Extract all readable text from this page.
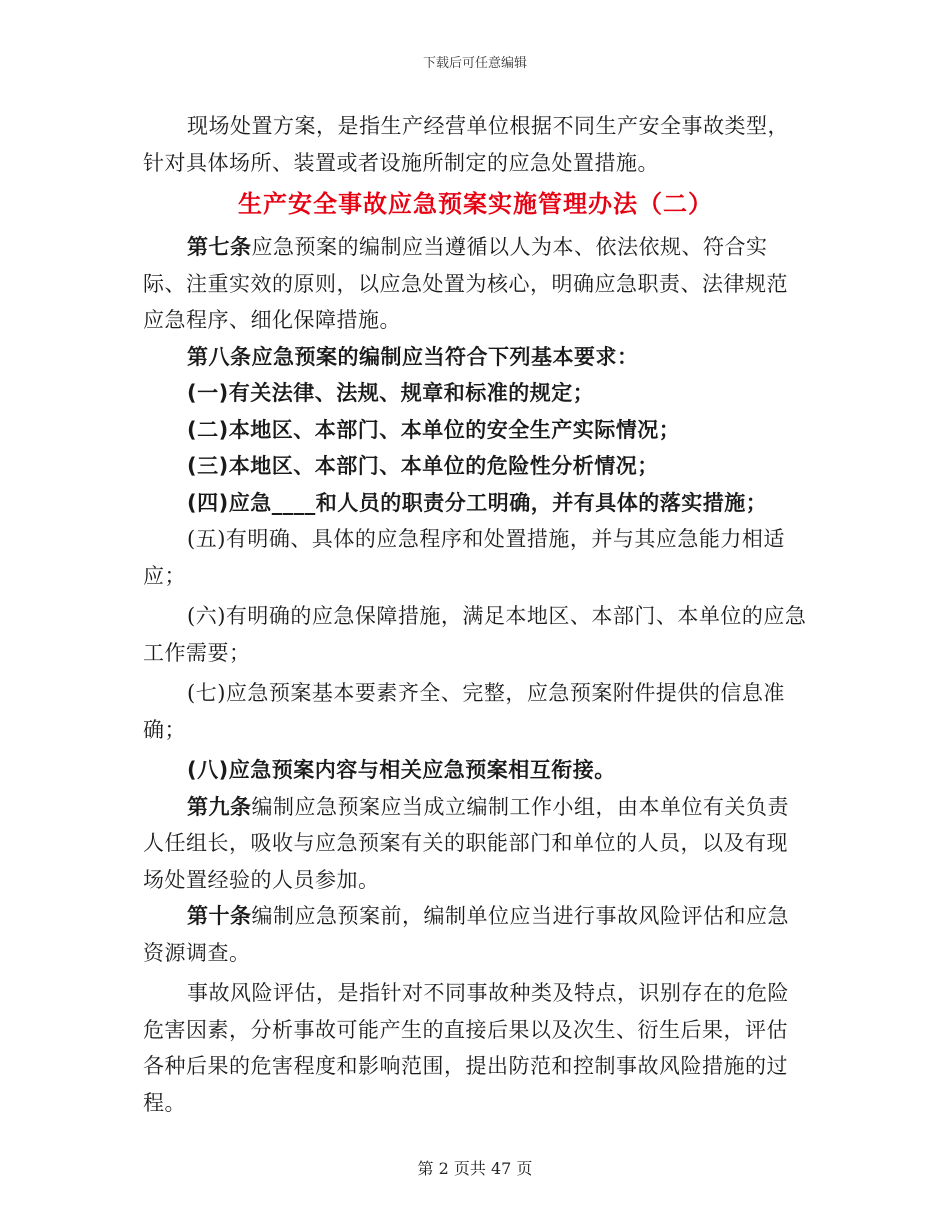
下载后可任意编辑

现场处置方案，是指生产经营单位根据不同生产安全事故类型，针对具体场所、装置或者设施所制定的应急处置措施。

生产安全事故应急预案实施管理办法（二）

第七条应急预案的编制应当遵循以人为本、依法依规、符合实际、注重实效的原则，以应急处置为核心，明确应急职责、法律规范应急程序、细化保障措施。

第八条应急预案的编制应当符合下列基本要求：

(一)有关法律、法规、规章和标准的规定；

(二)本地区、本部门、本单位的安全生产实际情况；

(三)本地区、本部门、本单位的危险性分析情况；

(四)应急____和人员的职责分工明确，并有具体的落实措施；

(五)有明确、具体的应急程序和处置措施，并与其应急能力相适应；

(六)有明确的应急保障措施，满足本地区、本部门、本单位的应急工作需要；

(七)应急预案基本要素齐全、完整，应急预案附件提供的信息准确；

(八)应急预案内容与相关应急预案相互衔接。

第九条编制应急预案应当成立编制工作小组，由本单位有关负责人任组长，吸收与应急预案有关的职能部门和单位的人员，以及有现场处置经验的人员参加。

第十条编制应急预案前，编制单位应当进行事故风险评估和应急资源调查。

事故风险评估，是指针对不同事故种类及特点，识别存在的危险危害因素，分析事故可能产生的直接后果以及次生、衍生后果，评估各种后果的危害程度和影响范围，提出防范和控制事故风险措施的过程。

第 2 页共 47 页
